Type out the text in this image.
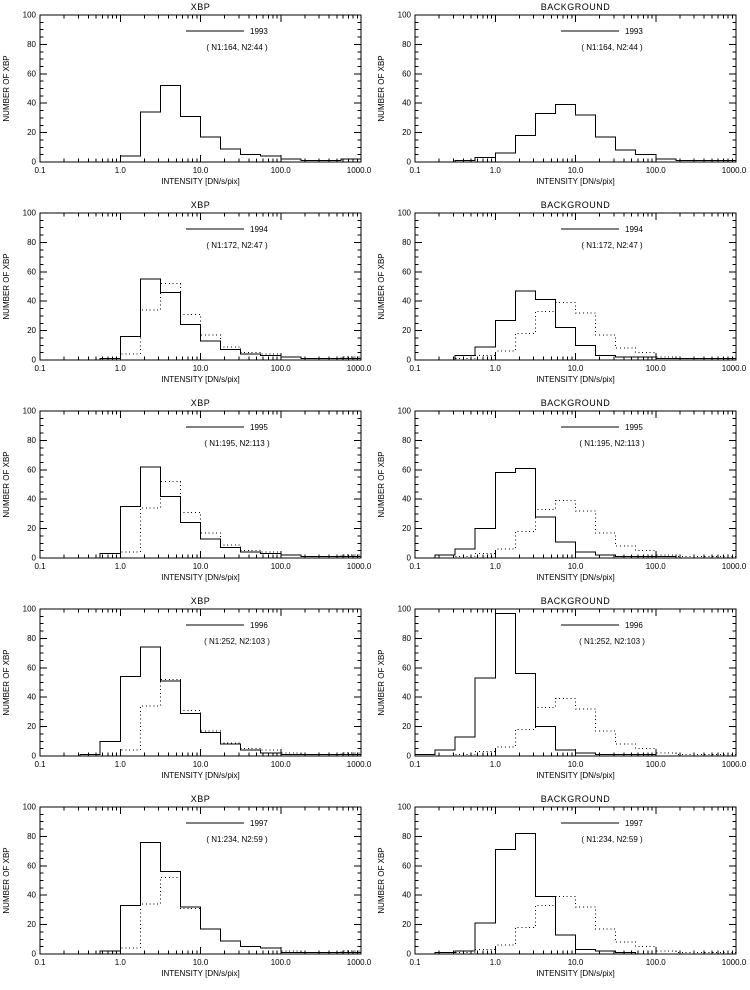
XBP
0
20
40
60
80
100
0.1	1.0	10.0	100.0	1000.0
INTENSITY [DN/s/pix]
NUMBER OF XBP
1993
( N1:164, N2:44 )
BACKGROUND
0
20
40
60
80
100
0.1	1.0	10.0	100.0	1000.0
INTENSITY [DN/s/pix]
NUMBER OF XBP
1993
( N1:164, N2:44 )
XBP
0
20
40
60
80
100
0.1	1.0	10.0	100.0	1000.0
INTENSITY [DN/s/pix]
NUMBER OF XBP
1994
( N1:172, N2:47 )
BACKGROUND
0
20
40
60
80
100
0.1	1.0	10.0	100.0	1000.0
INTENSITY [DN/s/pix]
NUMBER OF XBP
1994
( N1:172, N2:47 )
XBP
0
20
40
60
80
100
0.1	1.0	10.0	100.0	1000.0
INTENSITY [DN/s/pix]
NUMBER OF XBP
1995
( N1:195, N2:113 )
BACKGROUND
0
20
40
60
80
100
0.1	1.0	10.0	100.0	1000.0
INTENSITY [DN/s/pix]
NUMBER OF XBP
1995
( N1:195, N2:113 )
XBP
0
20
40
60
80
100
0.1	1.0	10.0	100.0	1000.0
INTENSITY [DN/s/pix]
NUMBER OF XBP
1996
( N1:252, N2:103 )
BACKGROUND
0
20
40
60
80
100
0.1	1.0	10.0	100.0	1000.0
INTENSITY [DN/s/pix]
NUMBER OF XBP
1996
( N1:252, N2:103 )
XBP
0
20
40
60
80
100
0.1	1.0	10.0	100.0	1000.0
INTENSITY [DN/s/pix]
NUMBER OF XBP
1997
( N1:234, N2:59 )
BACKGROUND
0
20
40
60
80
100
0.1	1.0	10.0	100.0	1000.0
INTENSITY [DN/s/pix]
NUMBER OF XBP
1997
( N1:234, N2:59 )
